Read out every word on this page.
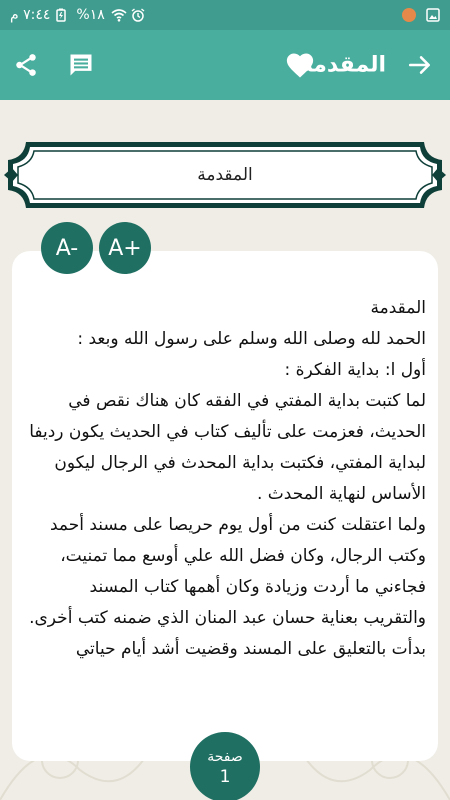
٧:٤٤ م %١٨
المقدمة
المقدمة

المقدمة

الحمد لله وصلى الله وسلم على رسول الله وبعد :

أول ا: بداية الفكرة :

لما كتبت بداية المفتي في الفقه كان هناك نقص في الحديث، فعزمت على تأليف كتاب في الحديث يكون رديفا لبداية المفتي، فكتبت بداية المحدث في الرجال ليكون الأساس لنهاية المحدث .

ولما اعتقلت كنت من أول يوم حريصا على مسند أحمد وكتب الرجال، وكان فضل الله علي أوسع مما تمنيت، فجاءني ما أردت وزيادة وكان أهمها كتاب المسند والتقريب بعناية حسان عبد المنان الذي ضمنه كتب أخرى.

بدأت بالتعليق على المسند وقضيت أشد أيام حياتي

A-	A+
صفحة
1
